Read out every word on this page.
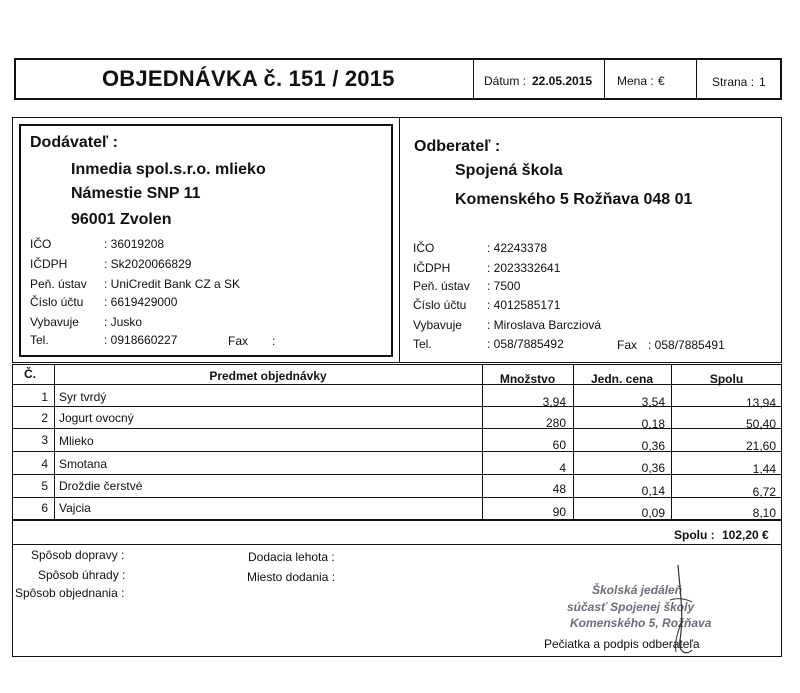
OBJEDNÁVKA č. 151 / 2015	Dátum : 22.05.2015 Mena : €	Strana : 1
Dodávateľ :
Inmedia spol.s.r.o. mlieko
Námestie SNP 11
96001 Zvolen
IČO	: 36019208
IČDPH	: Sk2020066829
Peň. ústav : UniCredit Bank CZ a SK
Číslo účtu : 6619429000
Vybavuje : Jusko
Tel.	: 0918660227	Fax :
Odberateľ :
Spojená škola
Komenského 5 Rožňava 048 01
IČO	: 42243378
IČDPH	: 2023332641
Peň. ústav : 7500
Číslo účtu : 4012585171
Vybavuje : Miroslava Barcziová
Tel.	: 058/7885492	Fax : 058/7885491
Č.	Predmet objednávky	Množstvo	Jedn. cena	Spolu
1 Syr tvrdý	3,94	3,54	13,94
2 Jogurt ovocný	280	0,18	50,40
3 Mlieko	60	0,36	21,60
4 Smotana	4	0,36	1,44
5 Droždie čerstvé	48	0,14	6,72
6 Vajcia	90	0,09	8,10
Spolu : 102,20 €
Spôsob dopravy :
Spôsob úhrady :
Spôsob objednania :
Dodacia lehota :
Miesto dodania :
Školská jedáleň
súčasť Spojenej školy
Komenského 5, Rožňava
Pečiatka a podpis odberateľa
